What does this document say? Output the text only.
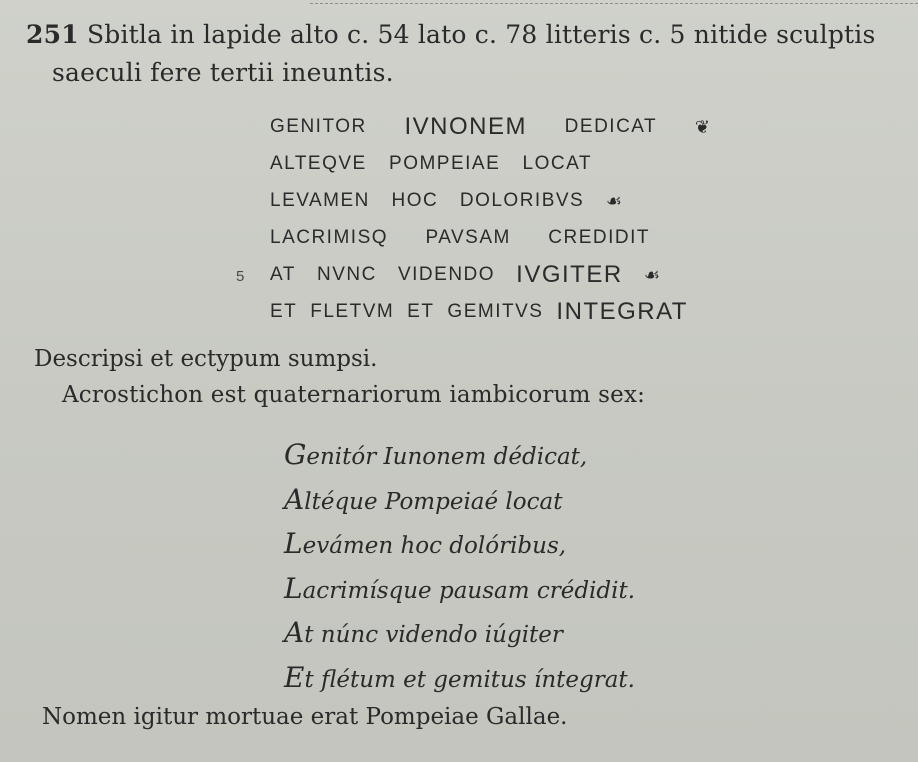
251 Sbitla in lapide alto c. 54 lato c. 78 litteris c. 5 nitide sculptis
saeculi fere tertii ineuntis.
GENITOR IVNONEM DEDICAT ❦
ALTEQVE POMPEIAE LOCAT
LEVAMEN HOC DOLORIBVS ☙
LACRIMISQ PAVSAM CREDIDIT
5 AT NVNC VIDENDO IVGITER ☙
ET FLETVM ET GEMITVS INTEGRAT
Descripsi et ectypum sumpsi.
Acrostichon est quaternariorum iambicorum sex:
Genitór Iunonem dédicat,
Altéque Pompeiaé locat
Levámen hoc dolóribus,
Lacrimísque pausam crédidit.
At núnc videndo iúgiter
Et flétum et gemitus íntegrat.
Nomen igitur mortuae erat Pompeiae Gallae.
